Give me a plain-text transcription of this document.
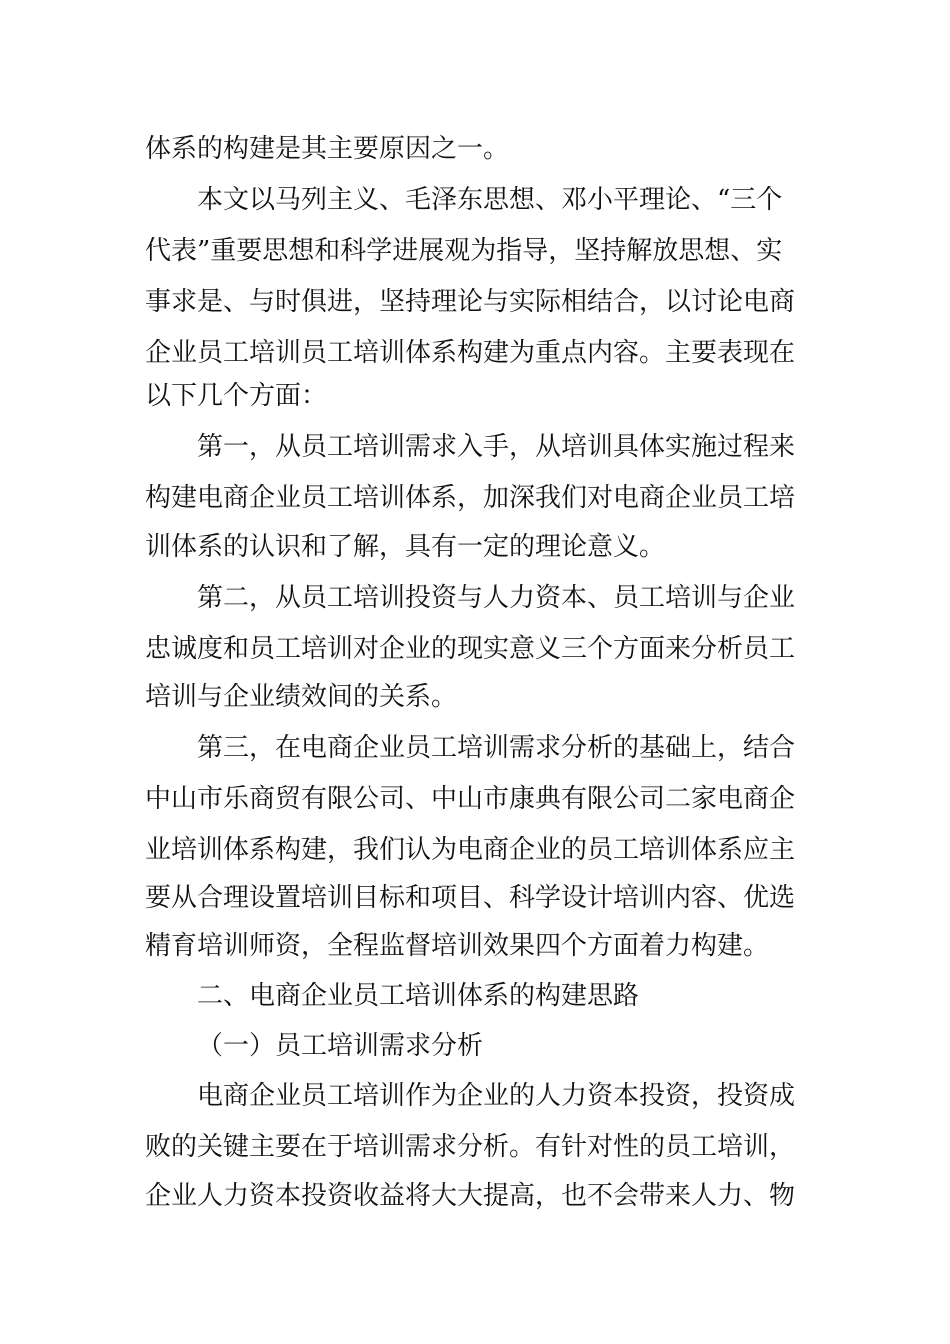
体系的构建是其主要原因之一。
本文以马列主义、毛泽东思想、邓小平理论、“三个
代表”重要思想和科学进展观为指导，坚持解放思想、实
事求是、与时俱进，坚持理论与实际相结合，以讨论电商
企业员工培训员工培训体系构建为重点内容。主要表现在
以下几个方面：
第一，从员工培训需求入手，从培训具体实施过程来
构建电商企业员工培训体系，加深我们对电商企业员工培
训体系的认识和了解，具有一定的理论意义。
第二，从员工培训投资与人力资本、员工培训与企业
忠诚度和员工培训对企业的现实意义三个方面来分析员工
培训与企业绩效间的关系。
第三，在电商企业员工培训需求分析的基础上，结合
中山市乐商贸有限公司、中山市康典有限公司二家电商企
业培训体系构建，我们认为电商企业的员工培训体系应主
要从合理设置培训目标和项目、科学设计培训内容、优选
精育培训师资，全程监督培训效果四个方面着力构建。
二、电商企业员工培训体系的构建思路
（一）员工培训需求分析
电商企业员工培训作为企业的人力资本投资，投资成
败的关键主要在于培训需求分析。有针对性的员工培训，
企业人力资本投资收益将大大提高，也不会带来人力、物
